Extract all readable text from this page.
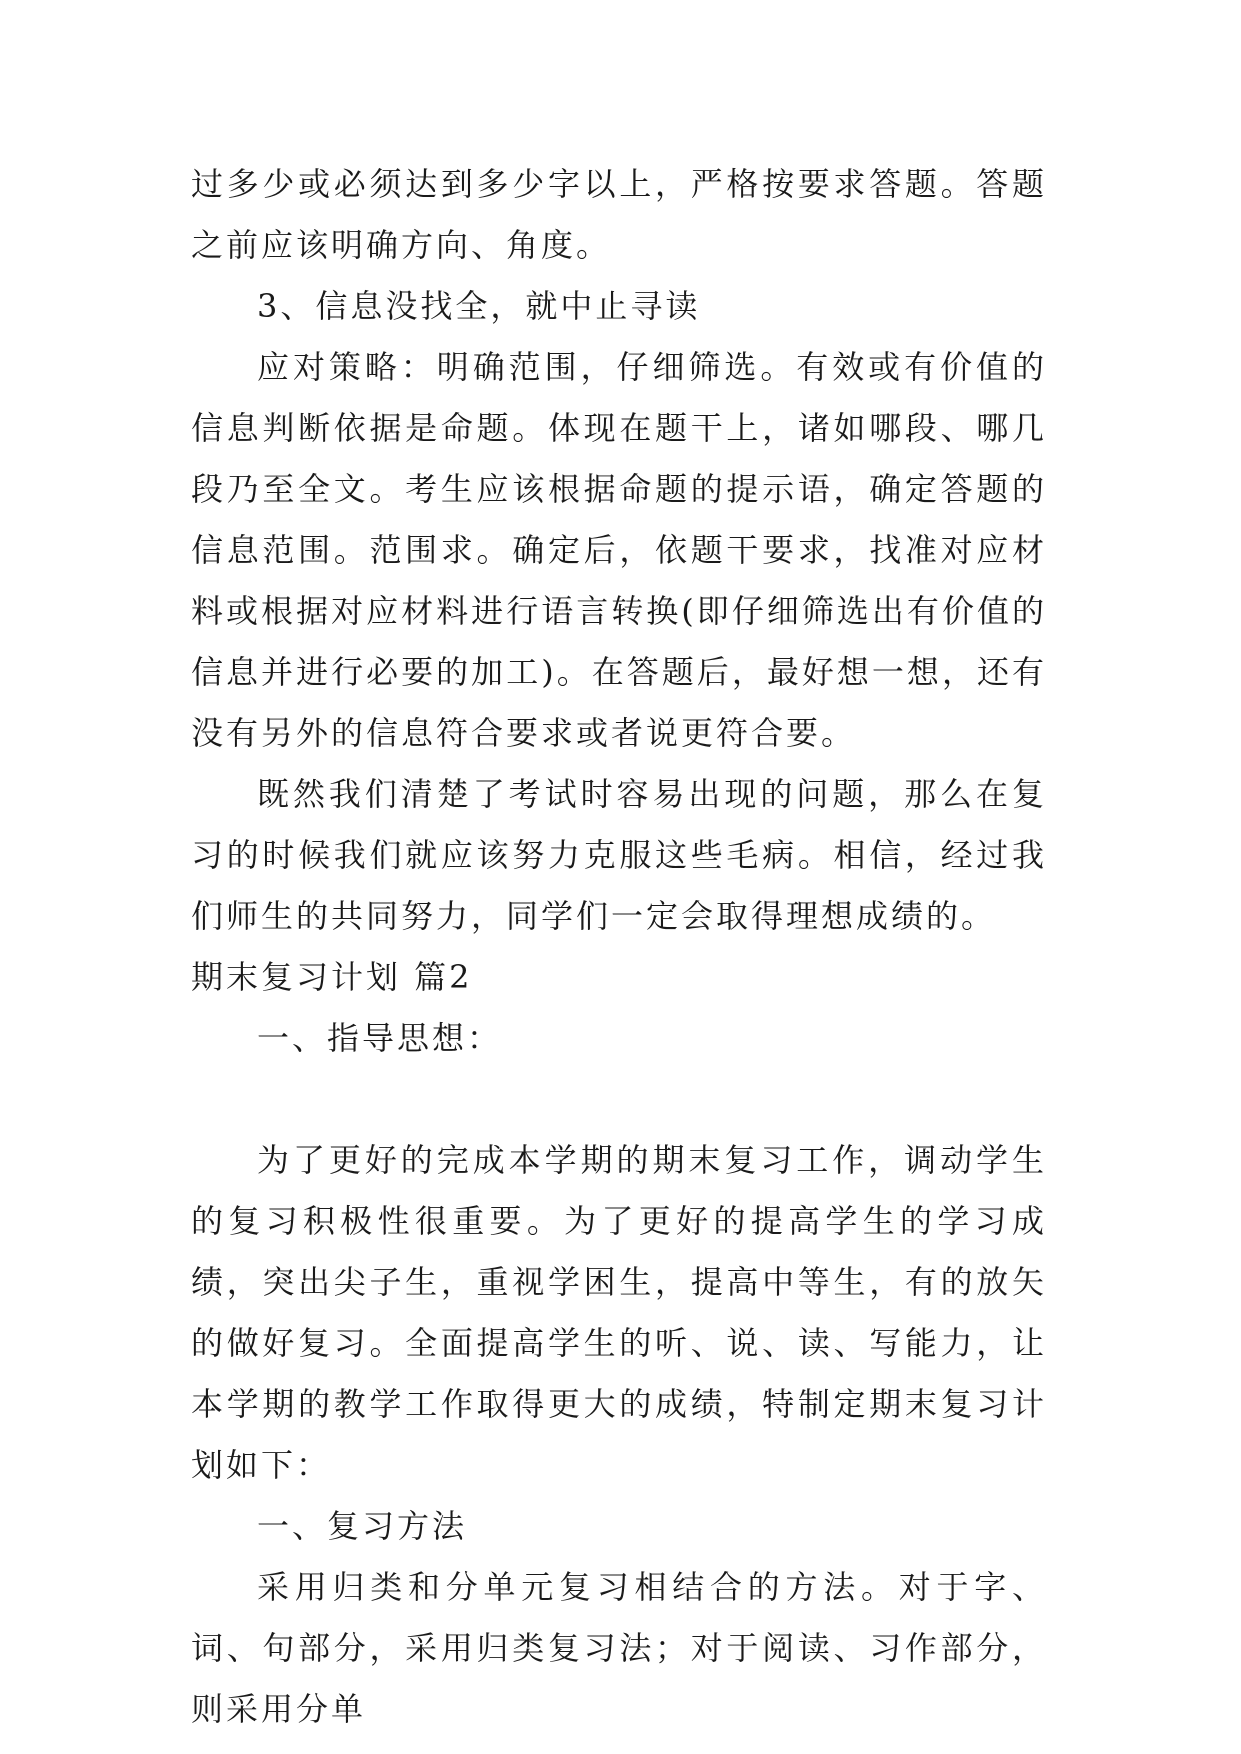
过多少或必须达到多少字以上，严格按要求答题。答题之前应该明确方向、角度。

3、信息没找全，就中止寻读

应对策略：明确范围，仔细筛选。有效或有价值的信息判断依据是命题。体现在题干上，诸如哪段、哪几段乃至全文。考生应该根据命题的提示语，确定答题的信息范围。范围求。确定后，依题干要求，找准对应材料或根据对应材料进行语言转换(即仔细筛选出有价值的信息并进行必要的加工)。在答题后，最好想一想，还有没有另外的信息符合要求或者说更符合要。

既然我们清楚了考试时容易出现的问题，那么在复习的时候我们就应该努力克服这些毛病。相信，经过我们师生的共同努力，同学们一定会取得理想成绩的。

期末复习计划 篇2

一、指导思想：

为了更好的完成本学期的期末复习工作，调动学生的复习积极性很重要。为了更好的提高学生的学习成绩，突出尖子生，重视学困生，提高中等生，有的放矢的做好复习。全面提高学生的听、说、读、写能力，让本学期的教学工作取得更大的成绩，特制定期末复习计划如下：

一、复习方法

采用归类和分单元复习相结合的方法。对于字、词、句部分，采用归类复习法；对于阅读、习作部分，则采用分单
